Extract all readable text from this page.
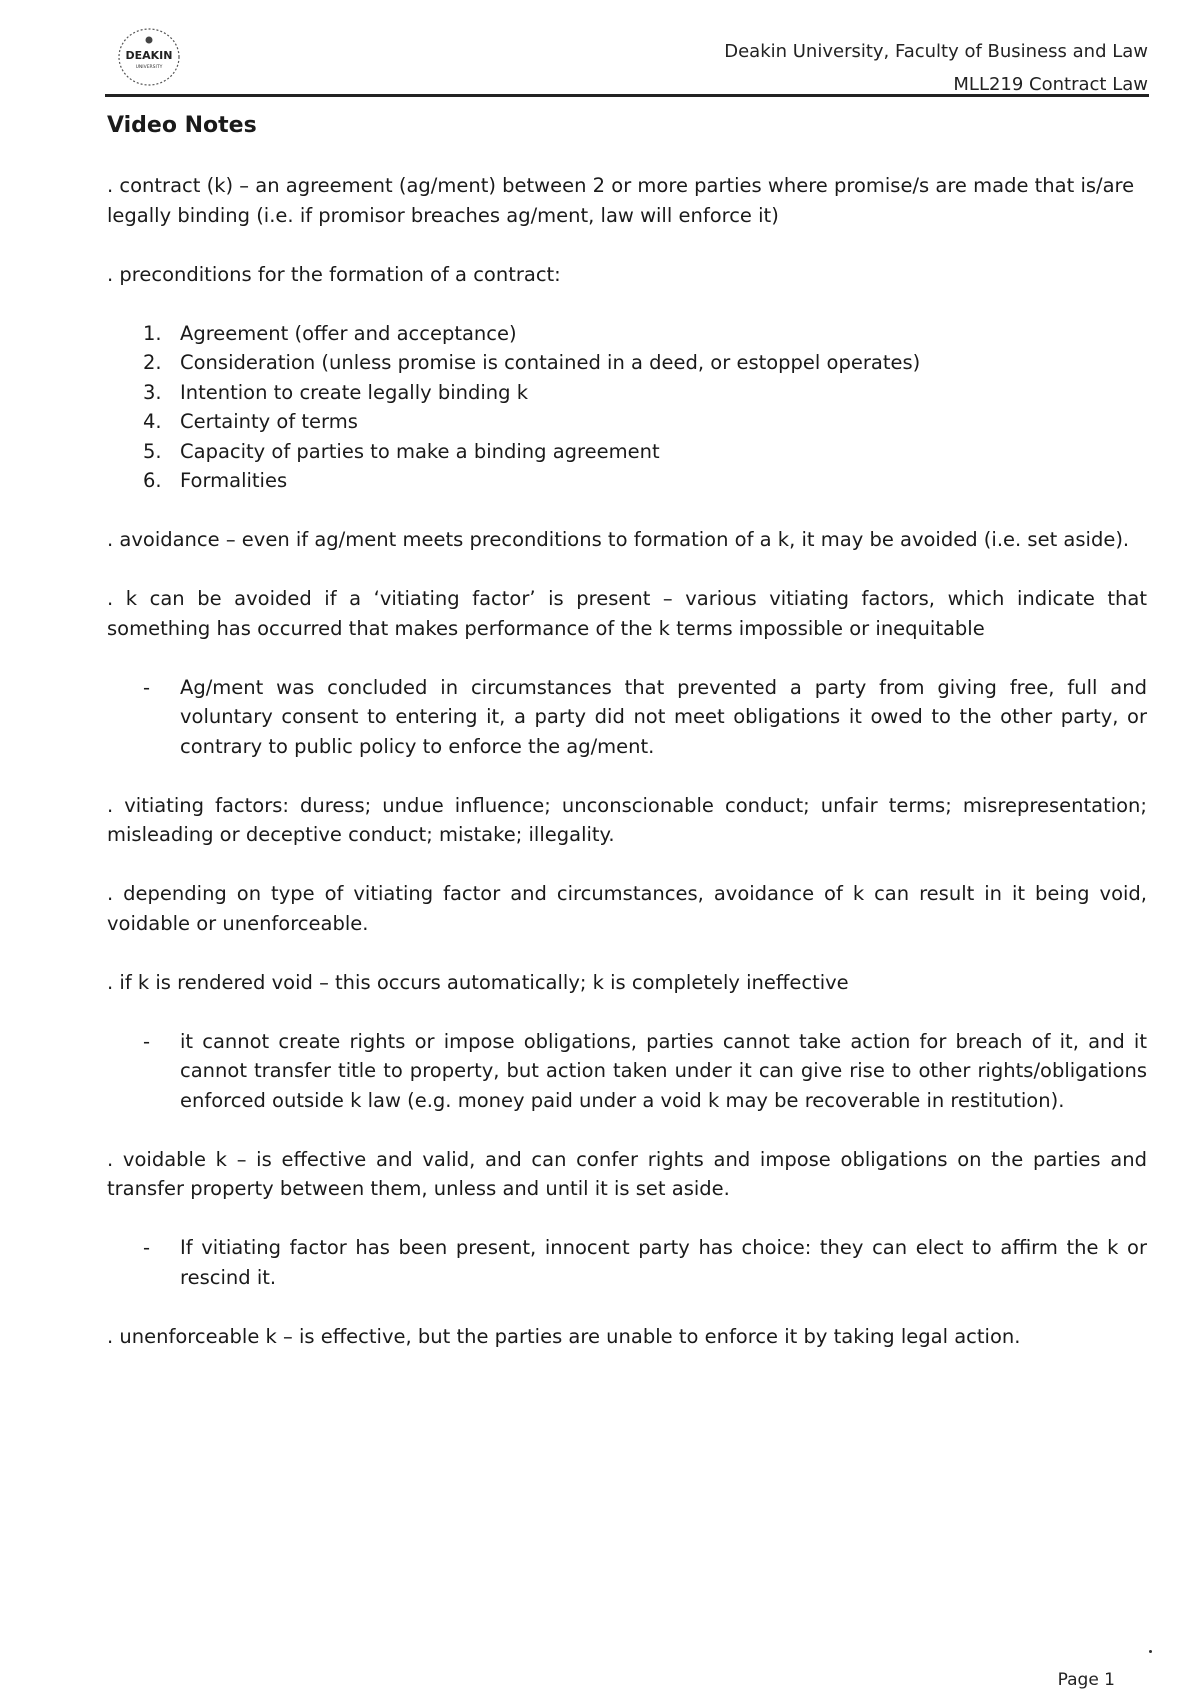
DEAKIN
UNIVERSITY
Deakin University, Faculty of Business and Law
MLL219 Contract Law
Video Notes

. contract (k) – an agreement (ag/ment) between 2 or more parties where promise/s are made that is/are legally binding (i.e. if promisor breaches ag/ment, law will enforce it)

. preconditions for the formation of a contract:

1. Agreement (offer and acceptance)
2. Consideration (unless promise is contained in a deed, or estoppel operates)
3. Intention to create legally binding k
4. Certainty of terms
5. Capacity of parties to make a binding agreement
6. Formalities

. avoidance – even if ag/ment meets preconditions to formation of a k, it may be avoided (i.e. set aside).

. k can be avoided if a ‘vitiating factor’ is present – various vitiating factors, which indicate that something has occurred that makes performance of the k terms impossible or inequitable

- Ag/ment was concluded in circumstances that prevented a party from giving free, full and voluntary consent to entering it, a party did not meet obligations it owed to the other party, or contrary to public policy to enforce the ag/ment.

. vitiating factors: duress; undue influence; unconscionable conduct; unfair terms; misrepresentation; misleading or deceptive conduct; mistake; illegality.

. depending on type of vitiating factor and circumstances, avoidance of k can result in it being void, voidable or unenforceable.

. if k is rendered void – this occurs automatically; k is completely ineffective

- it cannot create rights or impose obligations, parties cannot take action for breach of it, and it cannot transfer title to property, but action taken under it can give rise to other rights/obligations enforced outside k law (e.g. money paid under a void k may be recoverable in restitution).

. voidable k – is effective and valid, and can confer rights and impose obligations on the parties and transfer property between them, unless and until it is set aside.

- If vitiating factor has been present, innocent party has choice: they can elect to affirm the k or rescind it.

. unenforceable k – is effective, but the parties are unable to enforce it by taking legal action.

Page 1
